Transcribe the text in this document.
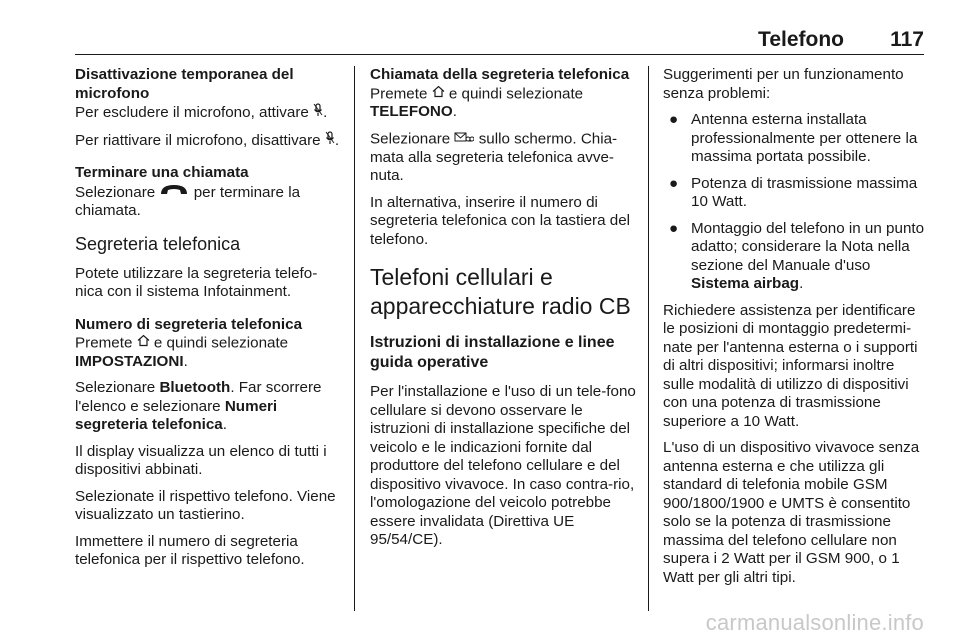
Telefono 117
Disattivazione temporanea del microfono

Per escludere il microfono, attivare .

Per riattivare il microfono, disattivare .

Terminare una chiamata

Selezionare	per terminare la chiamata.

Segreteria telefonica

Potete utilizzare la segreteria telefo-nica con il sistema Infotainment.

Numero di segreteria telefonica

Premete e quindi selezionate IMPOSTAZIONI.

Selezionare Bluetooth. Far scorrere l'elenco e selezionare Numeri segreteria telefonica.

Il display visualizza un elenco di tutti i dispositivi abbinati.

Selezionate il rispettivo telefono. Viene visualizzato un tastierino.

Immettere il numero di segreteria telefonica per il rispettivo telefono.

Chiamata della segreteria telefonica

Premete e quindi selezionate TELEFONO.

Selezionare sullo schermo. Chia-mata alla segreteria telefonica avve-nuta.

In alternativa, inserire il numero di segreteria telefonica con la tastiera del telefono.

Telefoni cellulari e apparecchiature radio CB
Istruzioni di installazione e linee guida operative

Per l'installazione e l'uso di un tele-fono cellulare si devono osservare le istruzioni di installazione specifiche del veicolo e le indicazioni fornite dal produttore del telefono cellulare e del dispositivo vivavoce. In caso contra-rio, l'omologazione del veicolo potrebbe essere invalidata (Direttiva UE 95/54/CE).

Suggerimenti per un funzionamento senza problemi:

● Antenna esterna installata professionalmente per ottenere la massima portata possibile.
● Potenza di trasmissione massima 10 Watt.
● Montaggio del telefono in un punto adatto; considerare la Nota nella sezione del Manuale d'uso Sistema airbag.

Richiedere assistenza per identificare le posizioni di montaggio predetermi-nate per l'antenna esterna o i supporti di altri dispositivi; informarsi inoltre sulle modalità di utilizzo di dispositivi con una potenza di trasmissione superiore a 10 Watt.

L'uso di un dispositivo vivavoce senza antenna esterna e che utilizza gli standard di telefonia mobile GSM 900/1800/1900 e UMTS è consentito solo se la potenza di trasmissione massima del telefono cellulare non supera i 2 Watt per il GSM 900, o 1 Watt per gli altri tipi.

carmanualsonline.info
